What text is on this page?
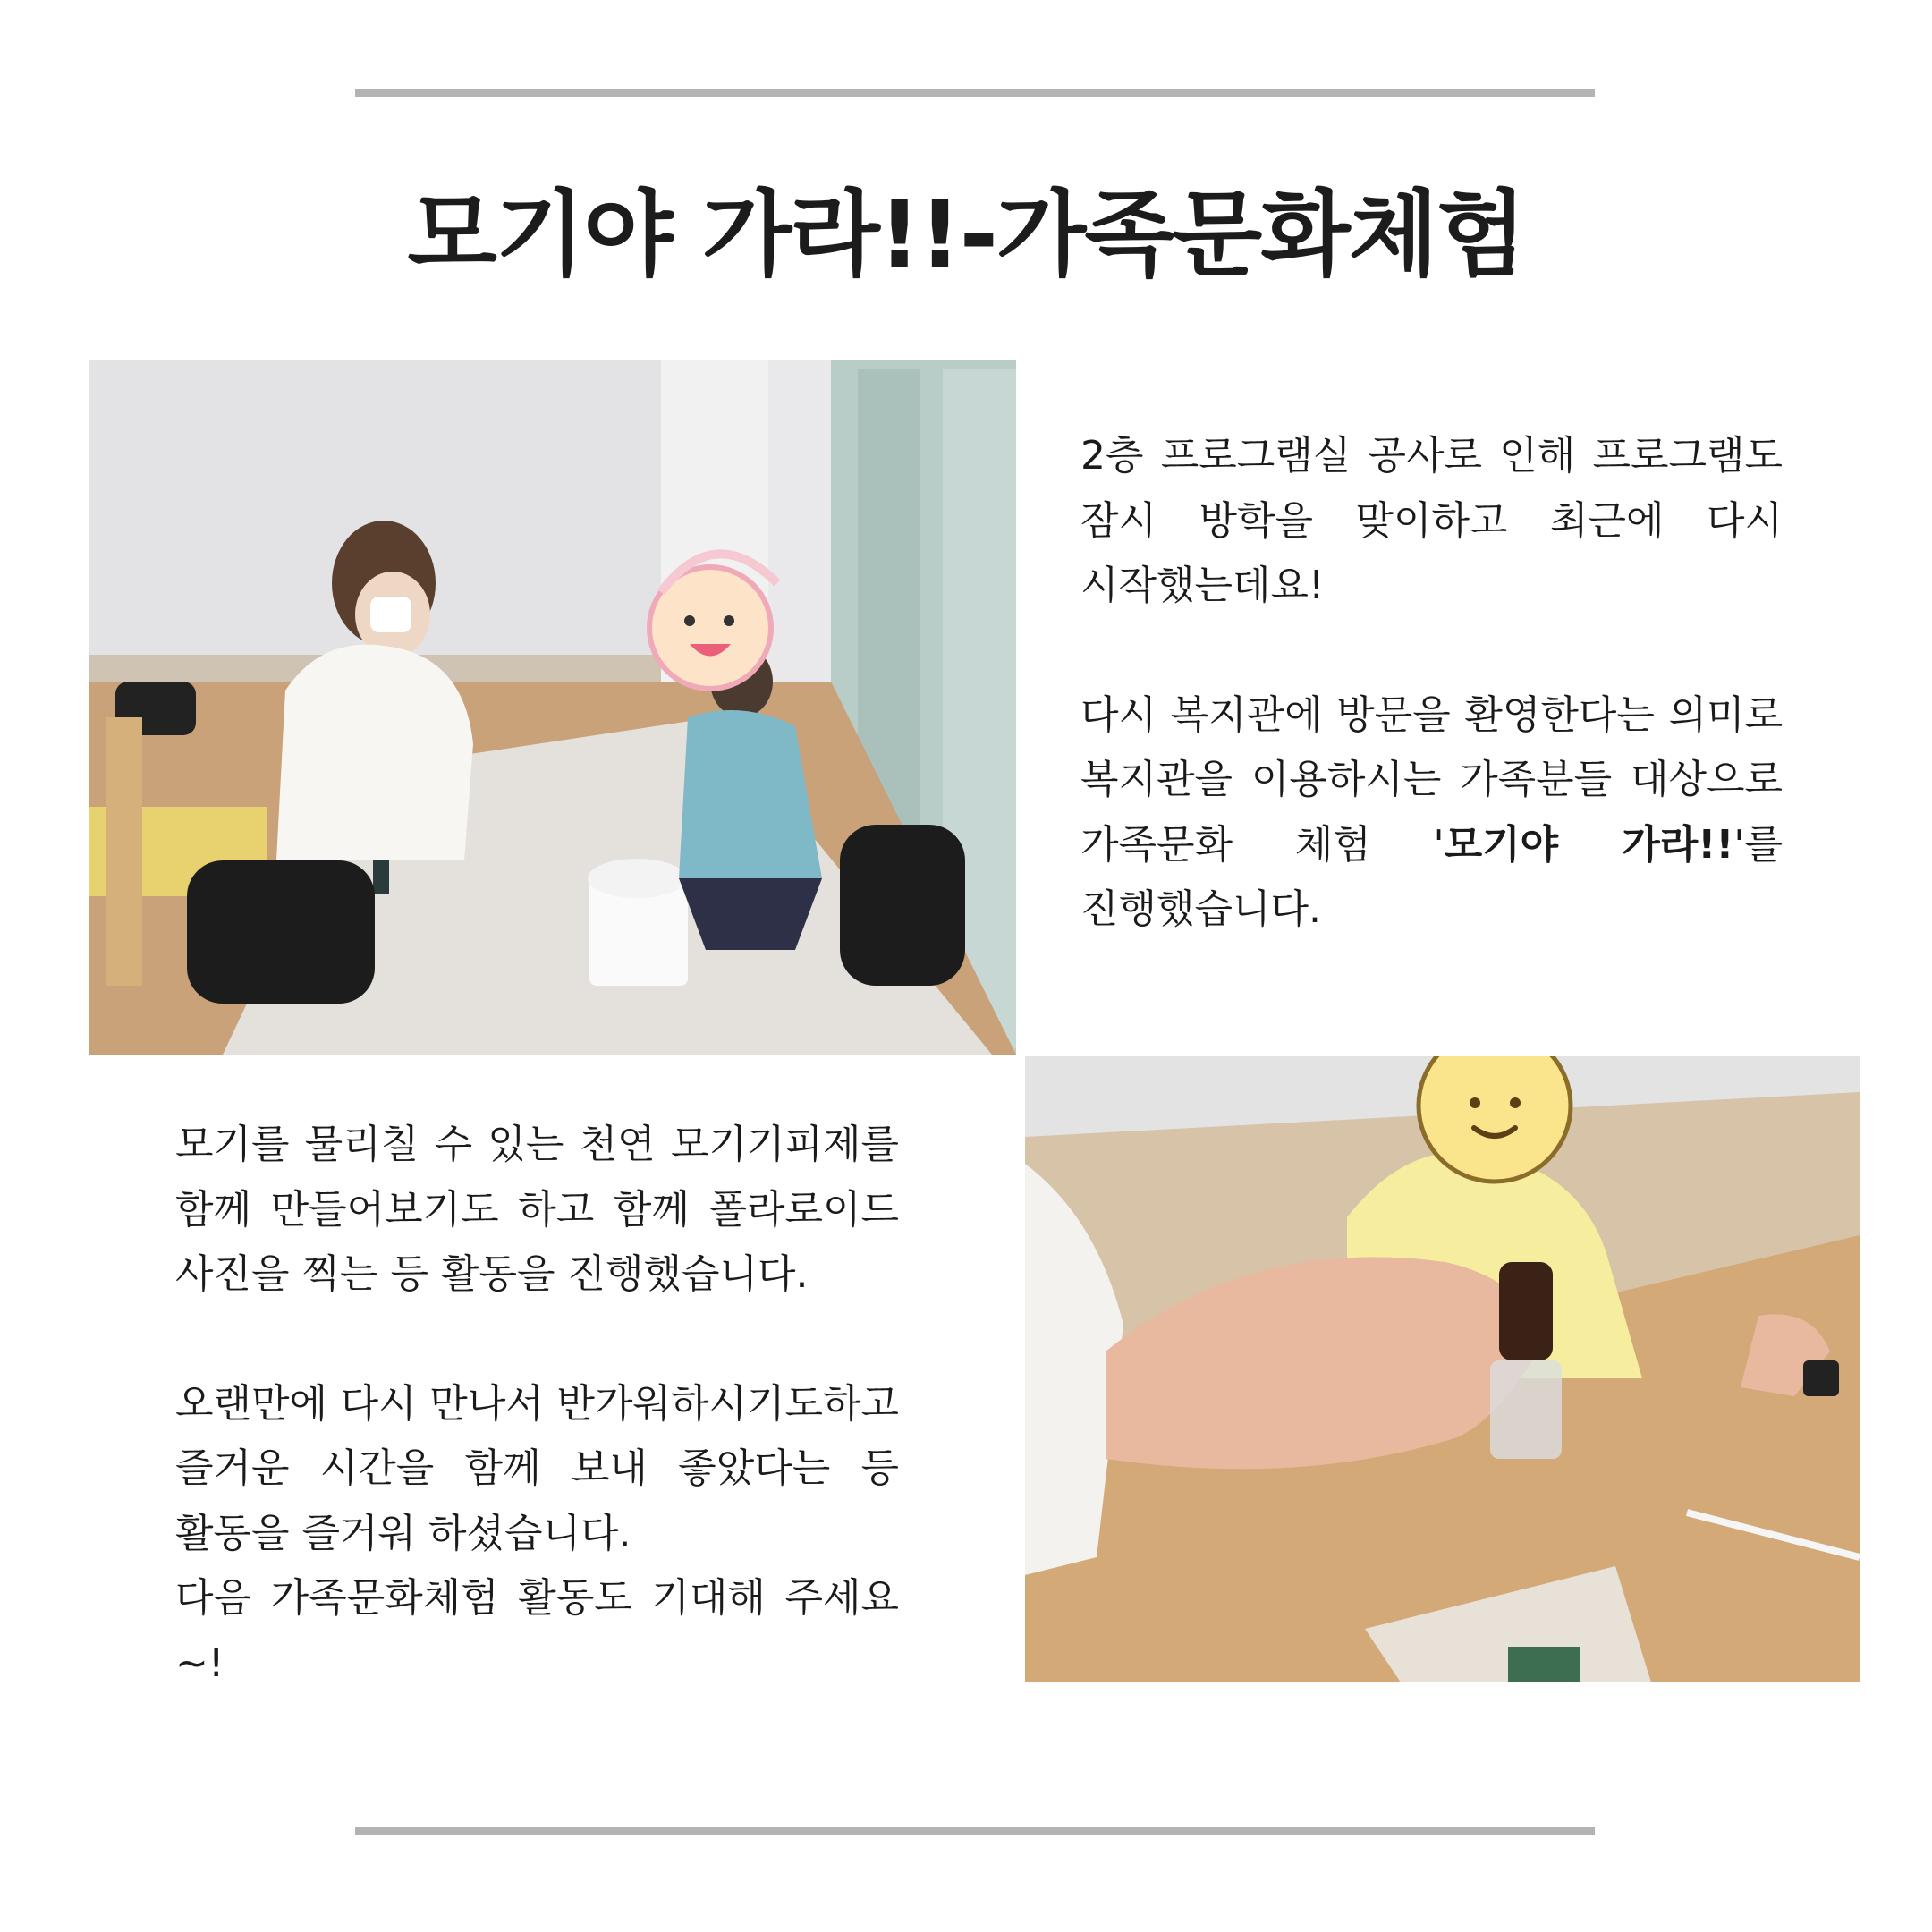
모기야 가라!!-가족문화체험

2층 프로그램실 공사로 인해 프로그램도 잠시 방학을 맞이하고 최근에 다시 시작했는데요!

다시 복지관에 방문을 환영한다는 의미로 복지관을 이용하시는 가족분들 대상으로 가족문화 체험 '모기야 가라!!'를 진행했습니다.

모기를 물리칠 수 있는 천연 모기기피제를 함께 만들어보기도 하고 함께 폴라로이드 사진을 찍는 등 활동을 진행했습니다.

오랜만에 다시 만나서 반가워하시기도하고 즐거운 시간을 함께 보내 좋았다는 등 활동을 즐거워 하셨습니다.

다음 가족문화체험 활동도 기대해 주세요~!
